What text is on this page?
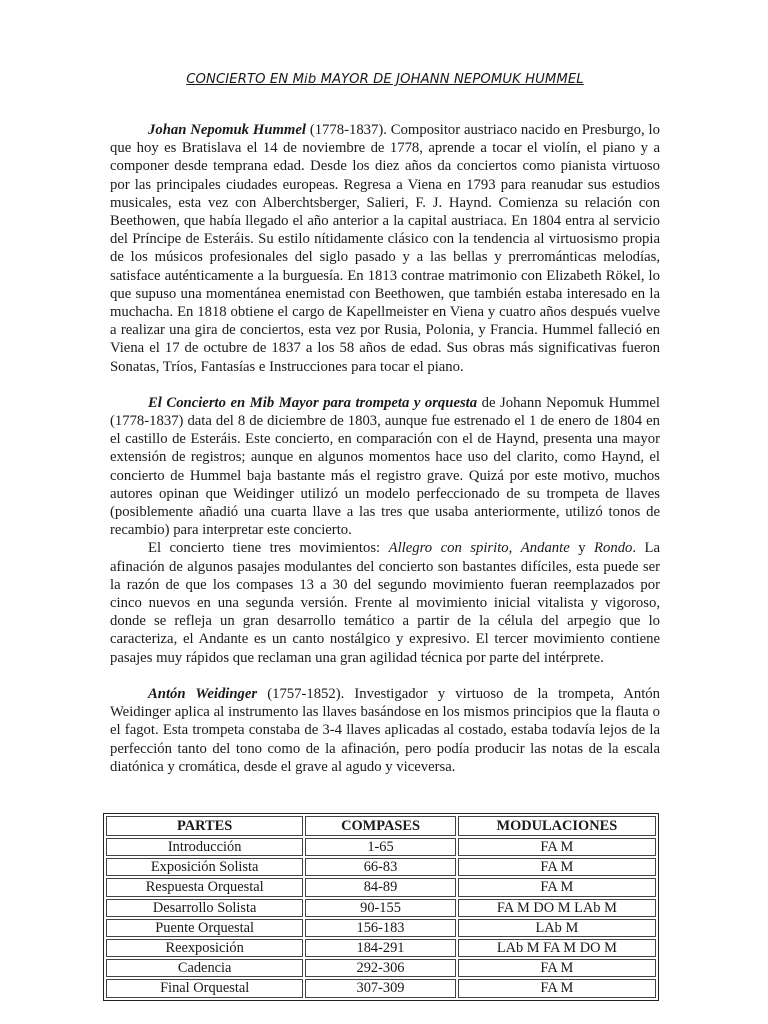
CONCIERTO EN Mib MAYOR DE JOHANN NEPOMUK HUMMEL

Johan Nepomuk Hummel (1778-1837). Compositor austriaco nacido en Presburgo, lo que hoy es Bratislava el 14 de noviembre de 1778, aprende a tocar el violín, el piano y a componer desde temprana edad. Desde los diez años da conciertos como pianista virtuoso por las principales ciudades europeas. Regresa a Viena en 1793 para reanudar sus estudios musicales, esta vez con Alberchtsberger, Salieri, F. J. Haynd. Comienza su relación con Beethowen, que había llegado el año anterior a la capital austriaca. En 1804 entra al servicio del Príncipe de Esteráis. Su estilo nítidamente clásico con la tendencia al virtuosismo propia de los músicos profesionales del siglo pasado y a las bellas y prerrománticas melodías, satisface auténticamente a la burguesía. En 1813 contrae matrimonio con Elizabeth Rökel, lo que supuso una momentánea enemistad con Beethowen, que también estaba interesado en la muchacha. En 1818 obtiene el cargo de Kapellmeister en Viena y cuatro años después vuelve a realizar una gira de conciertos, esta vez por Rusia, Polonia, y Francia. Hummel falleció en Viena el 17 de octubre de 1837 a los 58 años de edad. Sus obras más significativas fueron Sonatas, Tríos, Fantasías e Instrucciones para tocar el piano.

El Concierto en Mib Mayor para trompeta y orquesta de Johann Nepomuk Hummel (1778-1837) data del 8 de diciembre de 1803, aunque fue estrenado el 1 de enero de 1804 en el castillo de Esteráis. Este concierto, en comparación con el de Haynd, presenta una mayor extensión de registros; aunque en algunos momentos hace uso del clarito, como Haynd, el concierto de Hummel baja bastante más el registro grave. Quizá por este motivo, muchos autores opinan que Weidinger utilizó un modelo perfeccionado de su trompeta de llaves (posiblemente añadió una cuarta llave a las tres que usaba anteriormente, utilizó tonos de recambio) para interpretar este concierto.

El concierto tiene tres movimientos: Allegro con spirito, Andante y Rondo. La afinación de algunos pasajes modulantes del concierto son bastantes difíciles, esta puede ser la razón de que los compases 13 a 30 del segundo movimiento fueran reemplazados por cinco nuevos en una segunda versión. Frente al movimiento inicial vitalista y vigoroso, donde se refleja un gran desarrollo temático a partir de la célula del arpegio que lo caracteriza, el Andante es un canto nostálgico y expresivo. El tercer movimiento contiene pasajes muy rápidos que reclaman una gran agilidad técnica por parte del intérprete.

Antón Weidinger (1757-1852). Investigador y virtuoso de la trompeta, Antón Weidinger aplica al instrumento las llaves basándose en los mismos principios que la flauta o el fagot. Esta trompeta constaba de 3-4 llaves aplicadas al costado, estaba todavía lejos de la perfección tanto del tono como de la afinación, pero podía producir las notas de la escala diatónica y cromática, desde el grave al agudo y viceversa.

PARTES	COMPASES	MODULACIONES
Introducción	1-65	FA M
Exposición Solista	66-83	FA M
Respuesta Orquestal	84-89	FA M
Desarrollo Solista	90-155	FA M DO M LAb M
Puente Orquestal	156-183	LAb M
Reexposición	184-291	LAb M FA M DO M
Cadencia	292-306	FA M
Final Orquestal	307-309	FA M
